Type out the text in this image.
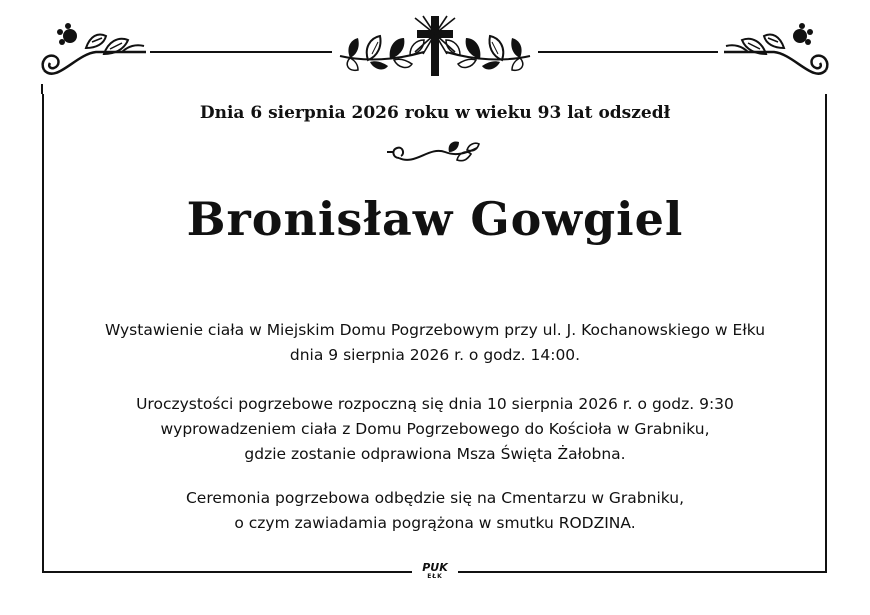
Dnia 6 sierpnia 2026 roku w wieku 93 lat odszedł
Bronisław Gowgiel
Wystawienie ciała w Miejskim Domu Pogrzebowym przy ul. J. Kochanowskiego w Ełku
dnia 9 sierpnia 2026 r. o godz. 14:00.
Uroczystości pogrzebowe rozpoczną się dnia 10 sierpnia 2026 r. o godz. 9:30
wyprowadzeniem ciała z Domu Pogrzebowego do Kościoła w Grabniku,
gdzie zostanie odprawiona Msza Święta Żałobna.
Ceremonia pogrzebowa odbędzie się na Cmentarzu w Grabniku,
o czym zawiadamia pogrążona w smutku RODZINA.
PUK
EŁK
